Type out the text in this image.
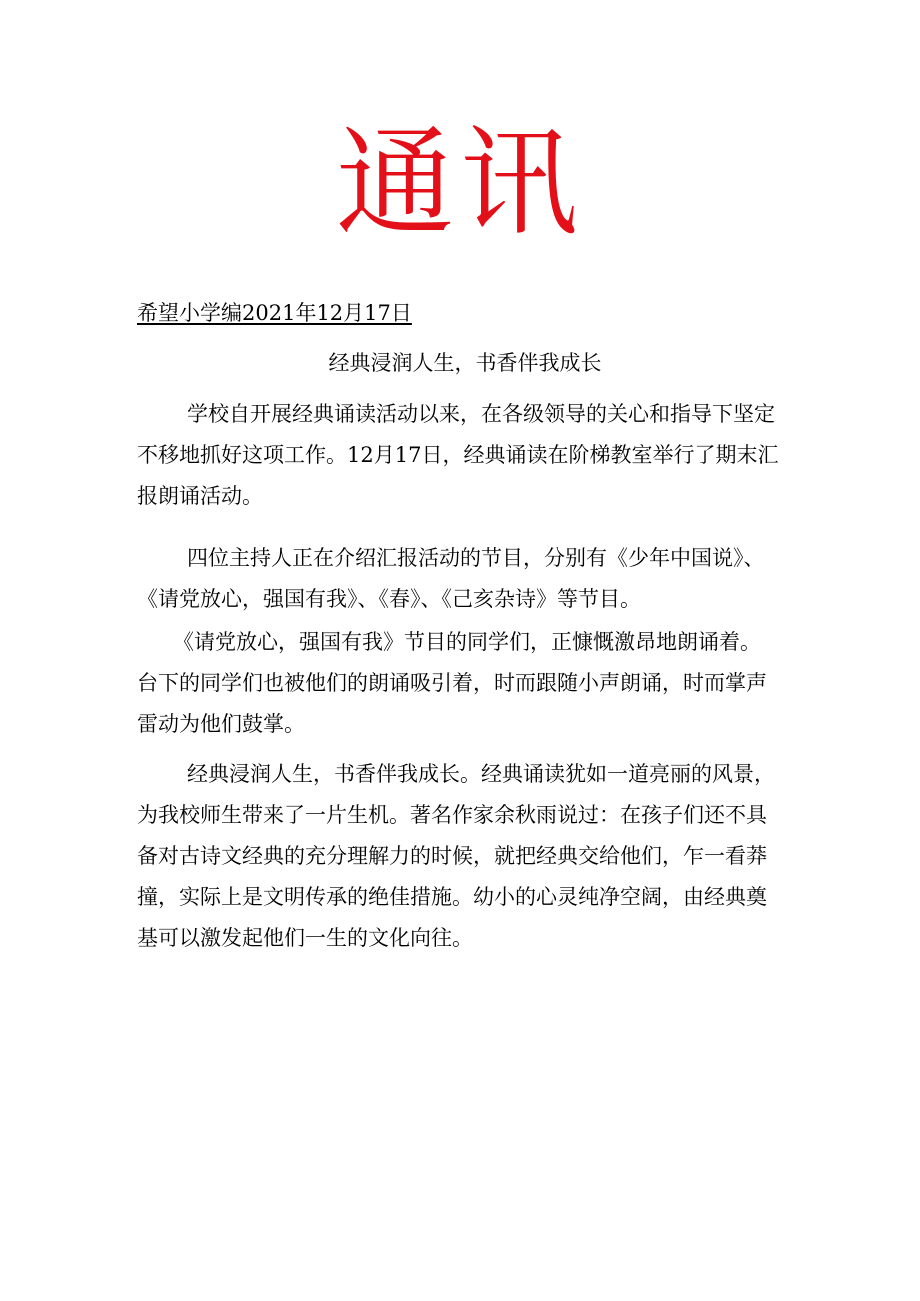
通讯
希望小学编2021年12月17日
经典浸润人生，书香伴我成长
学校自开展经典诵读活动以来，在各级领导的关心和指导下坚定
不移地抓好这项工作。12月17日，经典诵读在阶梯教室举行了期末汇
报朗诵活动。
四位主持人正在介绍汇报活动的节目，分别有《少年中国说》、
《请党放心，强国有我》、《春》、《己亥杂诗》等节目。
《请党放心，强国有我》节目的同学们，正慷慨激昂地朗诵着。
台下的同学们也被他们的朗诵吸引着，时而跟随小声朗诵，时而掌声
雷动为他们鼓掌。
经典浸润人生，书香伴我成长。经典诵读犹如一道亮丽的风景，
为我校师生带来了一片生机。著名作家余秋雨说过：在孩子们还不具
备对古诗文经典的充分理解力的时候，就把经典交给他们，乍一看莽
撞，实际上是文明传承的绝佳措施。幼小的心灵纯净空阔，由经典奠
基可以激发起他们一生的文化向往。
